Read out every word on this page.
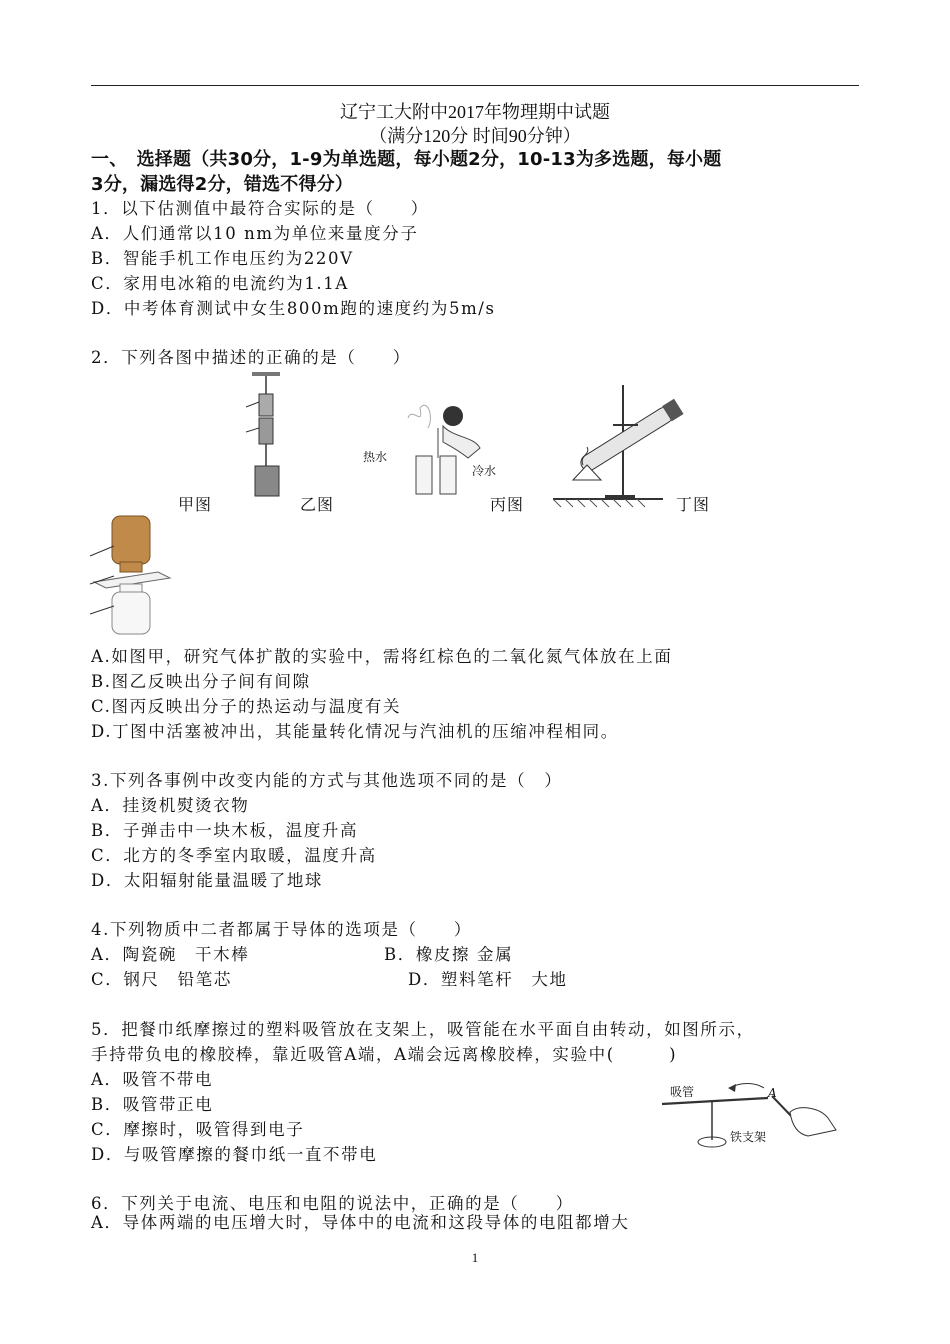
辽宁工大附中2017年物理期中试题
（满分120分 时间90分钟）
一、　选择题（共30分，1-9为单选题，每小题2分，10-13为多选题，每小题
3分，漏选得2分，错选不得分）
1．以下估测值中最符合实际的是（　　）
A．人们通常以10 nm为单位来量度分子
B．智能手机工作电压约为220V
C．家用电冰箱的电流约为1.1A
D．中考体育测试中女生800m跑的速度约为5m/s
2．下列各图中描述的正确的是（　　）
热水
冷水
甲图	乙图	丙图	丁图
A.如图甲，研究气体扩散的实验中，需将红棕色的二氧化氮气体放在上面
B.图乙反映出分子间有间隙
C.图丙反映出分子的热运动与温度有关
D.丁图中活塞被冲出，其能量转化情况与汽油机的压缩冲程相同。
3.下列各事例中改变内能的方式与其他选项不同的是（　）
A．挂烫机熨烫衣物
B．子弹击中一块木板，温度升高
C．北方的冬季室内取暖，温度升高
D．太阳辐射能量温暖了地球
4.下列物质中二者都属于导体的选项是（　　）
A．陶瓷碗　干木棒	B．橡皮擦 金属
C．钢尺　铅笔芯	D．塑料笔杆　大地
5．把餐巾纸摩擦过的塑料吸管放在支架上，吸管能在水平面自由转动，如图所示，
手持带负电的橡胶棒，靠近吸管A端，A端会远离橡胶棒，实验中(　　　)
A．吸管不带电
B．吸管带正电
C．摩擦时，吸管得到电子
D．与吸管摩擦的餐巾纸一直不带电
吸管	A
铁支架
6．下列关于电流、电压和电阻的说法中，正确的是（　　）
A．导体两端的电压增大时，导体中的电流和这段导体的电阻都增大
1
